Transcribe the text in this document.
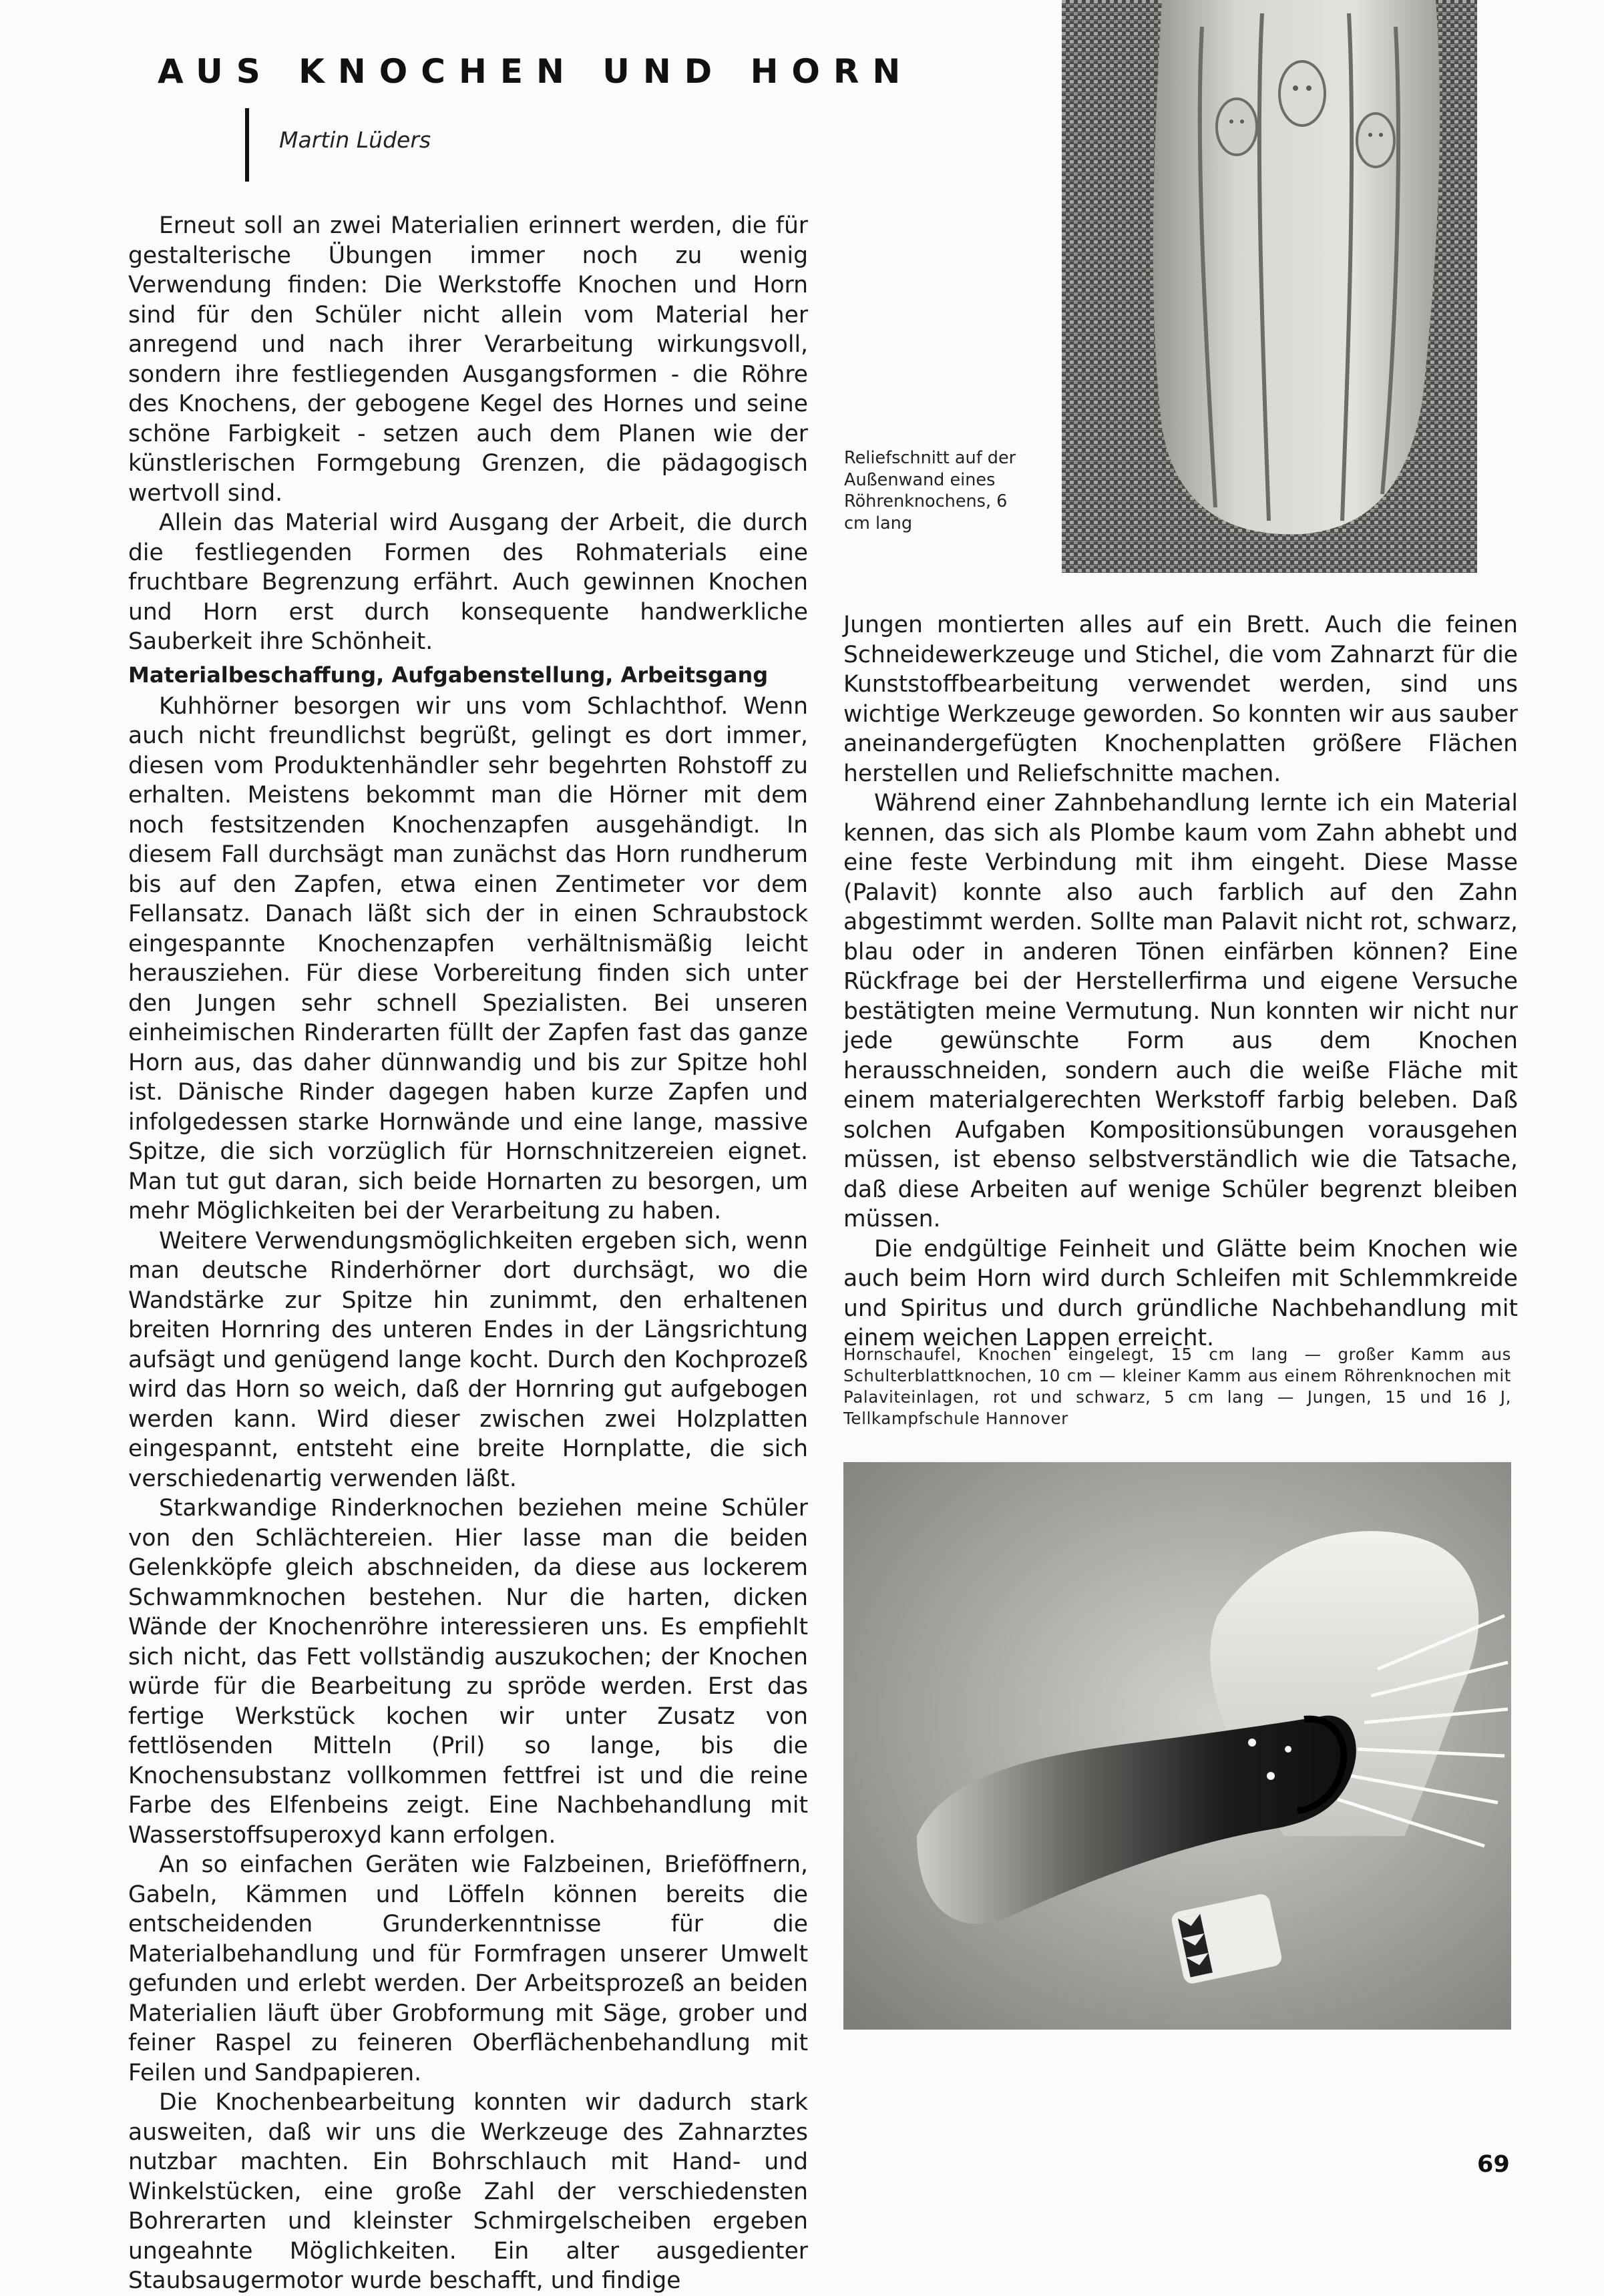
AUS KNOCHEN UND HORN
Martin Lüders

Erneut soll an zwei Materialien erinnert werden, die für gestalterische Übungen immer noch zu wenig Verwendung finden: Die Werkstoffe Knochen und Horn sind für den Schüler nicht allein vom Material her anregend und nach ihrer Verarbeitung wirkungsvoll, sondern ihre festliegenden Ausgangsformen - die Röhre des Knochens, der gebogene Kegel des Hornes und seine schöne Farbigkeit - setzen auch dem Planen wie der künstlerischen Formgebung Grenzen, die pädagogisch wertvoll sind.

Allein das Material wird Ausgang der Arbeit, die durch die festliegenden Formen des Rohmaterials eine fruchtbare Begrenzung erfährt. Auch gewinnen Knochen und Horn erst durch konsequente handwerkliche Sauberkeit ihre Schönheit.

Materialbeschaffung, Aufgabenstellung, Arbeitsgang

Kuhhörner besorgen wir uns vom Schlachthof. Wenn auch nicht freundlichst begrüßt, gelingt es dort immer, diesen vom Produktenhändler sehr begehrten Rohstoff zu erhalten. Meistens bekommt man die Hörner mit dem noch festsitzenden Knochenzapfen ausgehändigt. In diesem Fall durchsägt man zunächst das Horn rundherum bis auf den Zapfen, etwa einen Zentimeter vor dem Fellansatz. Danach läßt sich der in einen Schraubstock eingespannte Knochenzapfen verhältnismäßig leicht herausziehen. Für diese Vorbereitung finden sich unter den Jungen sehr schnell Spezialisten. Bei unseren einheimischen Rinderarten füllt der Zapfen fast das ganze Horn aus, das daher dünnwandig und bis zur Spitze hohl ist. Dänische Rinder dagegen haben kurze Zapfen und infolgedessen starke Hornwände und eine lange, massive Spitze, die sich vorzüglich für Hornschnitzereien eignet. Man tut gut daran, sich beide Hornarten zu besorgen, um mehr Möglichkeiten bei der Verarbeitung zu haben.

Weitere Verwendungsmöglichkeiten ergeben sich, wenn man deutsche Rinderhörner dort durchsägt, wo die Wandstärke zur Spitze hin zunimmt, den erhaltenen breiten Hornring des unteren Endes in der Längsrichtung aufsägt und genügend lange kocht. Durch den Kochprozeß wird das Horn so weich, daß der Hornring gut aufgebogen werden kann. Wird dieser zwischen zwei Holzplatten eingespannt, entsteht eine breite Hornplatte, die sich verschiedenartig verwenden läßt.

Starkwandige Rinderknochen beziehen meine Schüler von den Schlächtereien. Hier lasse man die beiden Gelenkköpfe gleich abschneiden, da diese aus lockerem Schwammknochen bestehen. Nur die harten, dicken Wände der Knochenröhre interessieren uns. Es empfiehlt sich nicht, das Fett vollständig auszukochen; der Knochen würde für die Bearbeitung zu spröde werden. Erst das fertige Werkstück kochen wir unter Zusatz von fettlösenden Mitteln (Pril) so lange, bis die Knochensubstanz vollkommen fettfrei ist und die reine Farbe des Elfenbeins zeigt. Eine Nachbehandlung mit Wasserstoffsuperoxyd kann erfolgen.

An so einfachen Geräten wie Falzbeinen, Brieföffnern, Gabeln, Kämmen und Löffeln können bereits die entscheidenden Grunderkenntnisse für die Materialbehandlung und für Formfragen unserer Umwelt gefunden und erlebt werden. Der Arbeitsprozeß an beiden Materialien läuft über Grobformung mit Säge, grober und feiner Raspel zu feineren Oberflächenbehandlung mit Feilen und Sandpapieren.

Die Knochenbearbeitung konnten wir dadurch stark ausweiten, daß wir uns die Werkzeuge des Zahnarztes nutzbar machten. Ein Bohrschlauch mit Hand- und Winkelstücken, eine große Zahl der verschiedensten Bohrerarten und kleinster Schmirgelscheiben ergeben ungeahnte Möglichkeiten. Ein alter ausgedienter Staubsaugermotor wurde beschafft, und findige

Reliefschnitt auf der Außenwand eines Röhrenknochens, 6 cm lang

Jungen montierten alles auf ein Brett. Auch die feinen Schneidewerkzeuge und Stichel, die vom Zahnarzt für die Kunststoffbearbeitung verwendet werden, sind uns wichtige Werkzeuge geworden. So konnten wir aus sauber aneinandergefügten Knochenplatten größere Flächen herstellen und Reliefschnitte machen.

Während einer Zahnbehandlung lernte ich ein Material kennen, das sich als Plombe kaum vom Zahn abhebt und eine feste Verbindung mit ihm eingeht. Diese Masse (Palavit) konnte also auch farblich auf den Zahn abgestimmt werden. Sollte man Palavit nicht rot, schwarz, blau oder in anderen Tönen einfärben können? Eine Rückfrage bei der Herstellerfirma und eigene Versuche bestätigten meine Vermutung. Nun konnten wir nicht nur jede gewünschte Form aus dem Knochen herausschneiden, sondern auch die weiße Fläche mit einem materialgerechten Werkstoff farbig beleben. Daß solchen Aufgaben Kompositionsübungen vorausgehen müssen, ist ebenso selbstverständlich wie die Tatsache, daß diese Arbeiten auf wenige Schüler begrenzt bleiben müssen.

Die endgültige Feinheit und Glätte beim Knochen wie auch beim Horn wird durch Schleifen mit Schlemmkreide und Spiritus und durch gründliche Nachbehandlung mit einem weichen Lappen erreicht.

Hornschaufel, Knochen eingelegt, 15 cm lang — großer Kamm aus Schulterblattknochen, 10 cm — kleiner Kamm aus einem Röhrenknochen mit Palaviteinlagen, rot und schwarz, 5 cm lang — Jungen, 15 und 16 J, Tellkampfschule Hannover
69
